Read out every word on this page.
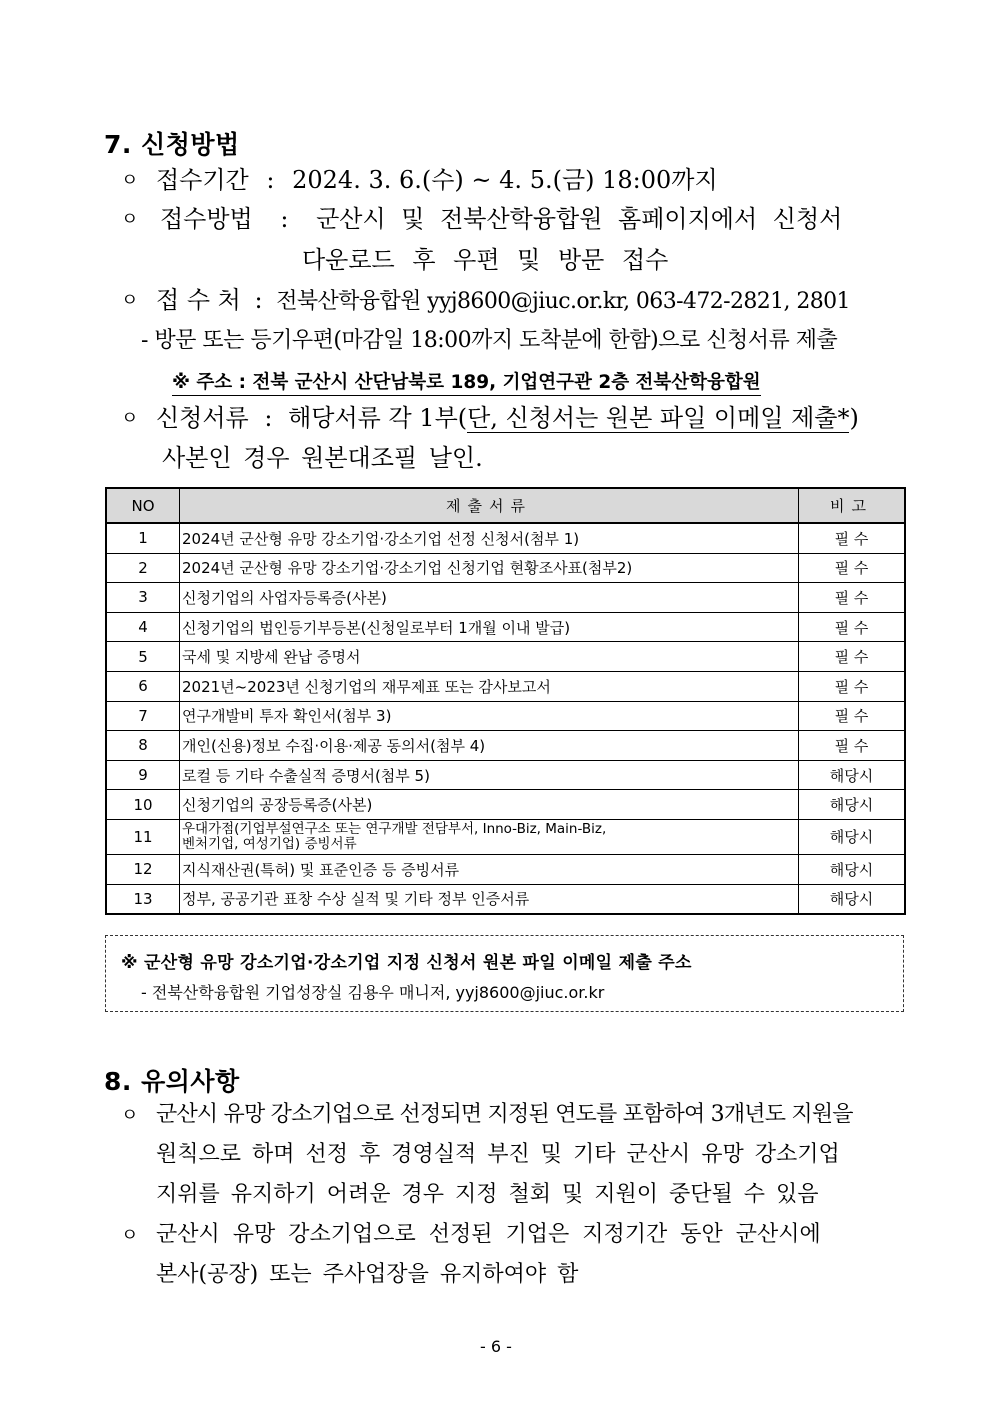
7. 신청방법
ㅇ 접수기간 : 2024. 3. 6.(수) ~ 4. 5.(금) 18:00까지
ㅇ 접수방법 : 군산시 및 전북산학융합원 홈페이지에서 신청서
다운로드 후 우편 및 방문 접수
ㅇ 접 수 처 : 전북산학융합원 yyj8600@jiuc.or.kr, 063-472-2821, 2801
- 방문 또는 등기우편(마감일 18:00까지 도착분에 한함)으로 신청서류 제출
※ 주소 : 전북 군산시 산단남북로 189, 기업연구관 2층 전북산학융합원
ㅇ 신청서류 : 해당서류 각 1부(단, 신청서는 원본 파일 이메일 제출*)
사본인 경우 원본대조필 날인.
NO	제출서류	비고
1	2024년 군산형 유망 강소기업·강소기업 선정 신청서(첨부 1)	필 수
2	2024년 군산형 유망 강소기업·강소기업 신청기업 현황조사표(첨부2)	필 수
3	신청기업의 사업자등록증(사본)	필 수
4	신청기업의 법인등기부등본(신청일로부터 1개월 이내 발급)	필 수
5	국세 및 지방세 완납 증명서	필 수
6	2021년~2023년 신청기업의 재무제표 또는 감사보고서	필 수
7	연구개발비 투자 확인서(첨부 3)	필 수
8	개인(신용)정보 수집·이용·제공 동의서(첨부 4)	필 수
9	로컬 등 기타 수출실적 증명서(첨부 5)	해당시
10	신청기업의 공장등록증(사본)	해당시
11	우대가점(기업부설연구소 또는 연구개발 전담부서, Inno-Biz, Main-Biz,
벤처기업, 여성기업) 증빙서류	해당시
12	지식재산권(특허) 및 표준인증 등 증빙서류	해당시
13	정부, 공공기관 표창 수상 실적 및 기타 정부 인증서류	해당시
※ 군산형 유망 강소기업·강소기업 지정 신청서 원본 파일 이메일 제출 주소
- 전북산학융합원 기업성장실 김용우 매니저, yyj8600@jiuc.or.kr
8. 유의사항
ㅇ 군산시 유망 강소기업으로 선정되면 지정된 연도를 포함하여 3개년도 지원을
원칙으로 하며 선정 후 경영실적 부진 및 기타 군산시 유망 강소기업
지위를 유지하기 어려운 경우 지정 철회 및 지원이 중단될 수 있음
ㅇ 군산시 유망 강소기업으로 선정된 기업은 지정기간 동안 군산시에
본사(공장) 또는 주사업장을 유지하여야 함
- 6 -
